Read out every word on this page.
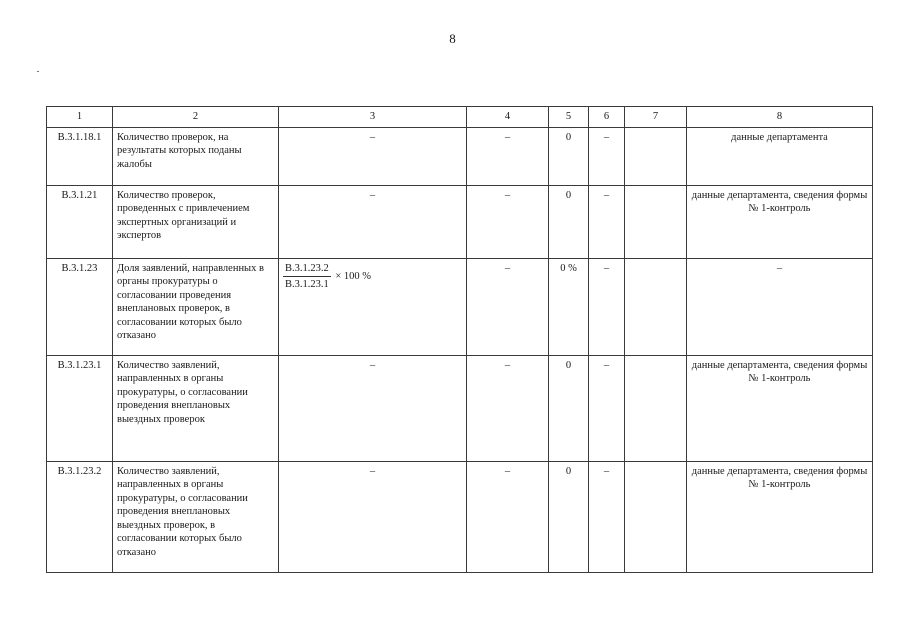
8
1	2	3	4	5	6	7	8
В.3.1.18.1	Количество проверок, на результаты которых поданы жалобы	–	–	0	–		данные департамента
В.3.1.21	Количество проверок, проведенных с привлечением экспертных организаций и экспертов	–	–	0	–		данные департамента, сведения формы № 1-контроль
В.3.1.23	Доля заявлений, направленных в органы прокуратуры о согласовании проведения внеплановых проверок, в согласовании которых было отказано	$\frac{В.3.1.23.2}{В.3.1.23.1} \times 100$ %	–	0 %	–		–
В.3.1.23.1	Количество заявлений, направленных в органы прокуратуры, о согласовании проведения внеплановых выездных проверок	–	–	0	–		данные департамента, сведения формы № 1-контроль
В.3.1.23.2	Количество заявлений, направленных в органы прокуратуры, о согласовании проведения внеплановых выездных проверок, в согласовании которых было отказано	–	–	0	–		данные департамента, сведения формы № 1-контроль
